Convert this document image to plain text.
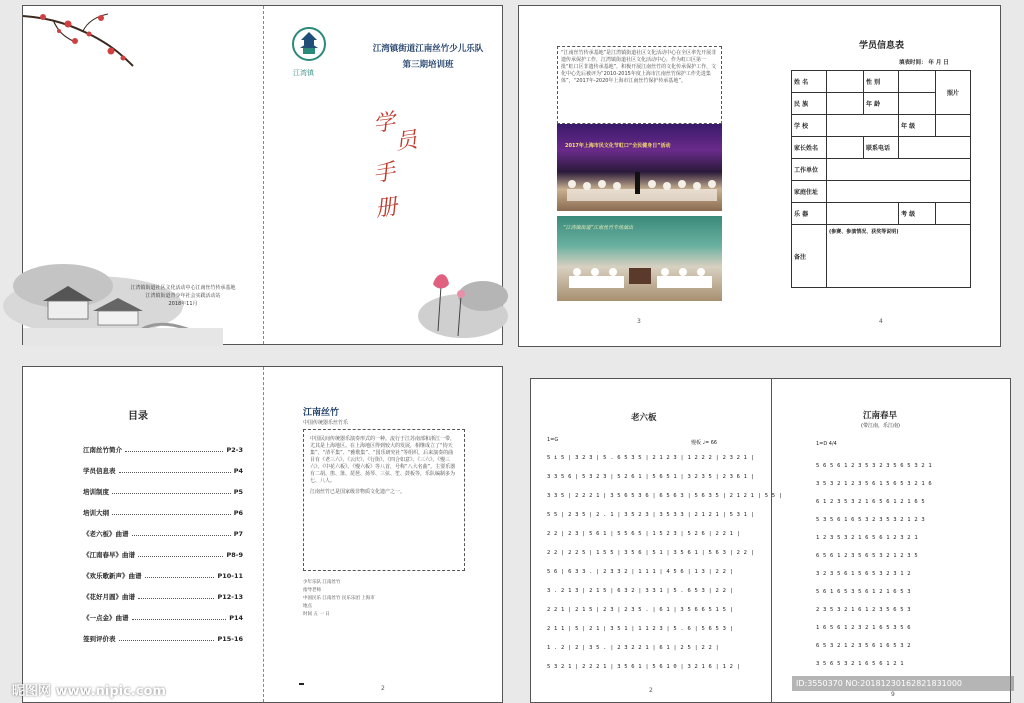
江湾镇
江湾镇街道江南丝竹少儿乐队
第三期培训班
学
员
手
册
江湾镇街道社区文化活动中心江南丝竹传承基地
江湾镇街道青少年社会实践活动站
2018年11月
“江南丝竹传承基地”是江湾镇街道社区文化活动中心在全区率先开展非遗传承保护工作，江湾镇街道社区文化活动中心，作为虹口区第一批“虹口区非遗传承基地”，积极开展江南丝竹的文化传承保护工作，文化中心先后被评为“2010-2015年度上海市江南丝竹保护工作先进集体”，“2017年-2020年上海市江南丝竹保护传承基地”。
2017年上海市民文化节虹口“全民健身日”活动
“江湾镇街道”江南丝竹专场演出
3
学员信息表
填表时间： 年 月 日
姓 名		性 别		照片
民 族		年 龄		
学 校			年 级	
家长姓名		联系电话		
工作单位				
家庭住址				
乐 器			考 级	
备注	(参赛、参演情况、获奖等说明)			
4
目录
江南丝竹简介	P2-3
学员信息表	P4
培训制度	P5
培训大纲	P6
《老六板》曲谱	P7
《江南春早》曲谱	P8-9
《欢乐歌新声》曲谱	P10-11
《花好月圆》曲谱	P12-13
《一点金》曲谱	P14
签到评价表	P15-16
江南丝竹
中国传统器乐丝竹乐
中国民间传统器乐演奏形式的一种。流行于江苏南部和浙江一带，尤其是上海地区。在上海地区得到较大的发展，相继成立了“钧天集”、“清平集”、“雅歌集”、“国乐研究社”等组织，后来演奏的曲目有《老三六》、《云庆》、《行街》、《四合如意》、《三六》、《慢三六》、《中花六板》、《慢六板》等八首，号称“八大名曲”。主要乐器有二胡、笛、箫、琵琶、扬琴、三弦、笙、鼓板等，乐队编制多为七、八人。
江南丝竹已是国家级非物质文化遗产之一。
少年乐队 江南丝竹
指导老师
中国民乐 江南丝竹 民乐乐团 上海市
地点
时间 五 一 日
2
老六板
1=G	慢板 ♩= 66
5 i 5 | 3 2 3 | 5 . 6 5 3 5 | 2 1 2 3 | 1 2 2 2 | 2 3 2 1 |
3 3 5 6 | 5 3 2 3 | 5 2 6 1 | 5 6 5 1 | 3 2 3 5 | 2 3 6 1 |
3 3 5 | 2 2 2 1 | 3 5 6 5 3 6 | 6 5 6 3 | 5 6 3 5 | 2 1 2 1 | 5 5 |
5 5 | 2 3 5 | 2 . 1 | 3 5 2 3 | 3 5 3 3 | 2 1 2 1 | 5 3 1 |
2 2 | 2 3 | 5 6 1 | 5 5 6 5 | 1 5 2 3 | 5 2 6 | 2 2 1 |
2 2 | 2 2 5 | 1 5 5 | 3 5 6 | 5 1 | 3 5 6 1 | 5 6 3 | 2 2 |
5 6 | 6 3 3 . | 2 3 3 2 | 1 1 1 | 4 5 6 | 1 3 | 2 2 |
3 . 2 1 3 | 2 1 5 | 6 3 2 | 3 3 1 | 5 . 6 5 3 | 2 2 |
2 2 1 | 2 1 5 | 2 3 | 2 3 5 . | 6 1 | 3 5 6 6 5 1 5 |
2 1 1 | 5 | 2 1 | 3 5 1 | 1 1 2 3 | 5 . 6 | 5 6 5 3 |
1 . 2 | 2 | 3 5 . | 2 3 2 2 1 | 6 1 | 2 5 | 2 2 |
5 3 2 1 | 2 2 2 1 | 3 5 6 1 | 5 6 1 0 | 3 2 1 6 | 1 2 |
2
江南春早
(带江南，乐江南)
1=D 4/4
5 6 5 6 1 2 3 5 3 2 3 5 6 5 3 2 1
3 5 3 2 1 2 3 5 6 1 5 6 5 3 2 1 6
6 1 2 3 5 3 2 1 6 5 6 1 2 1 6 5
5 3 5 6 1 6 5 3 2 3 5 3 2 1 2 3
1 2 3 5 3 2 1 6 5 6 1 2 3 2 1
6 5 6 1 2 3 5 6 5 3 2 1 2 3 5
3 2 3 5 6 1 5 6 5 3 2 3 1 2
5 6 1 6 5 3 5 6 1 2 1 6 5 3
2 3 5 3 2 1 6 1 2 3 5 6 5 3
1 6 5 6 1 2 3 2 1 6 5 3 5 6
6 5 3 2 1 2 3 5 6 1 6 5 3 2
3 5 6 5 3 2 1 6 5 6 1 2 1
9
昵图网 www.nipic.com
ID:3550370 NO:20181230162821831000
